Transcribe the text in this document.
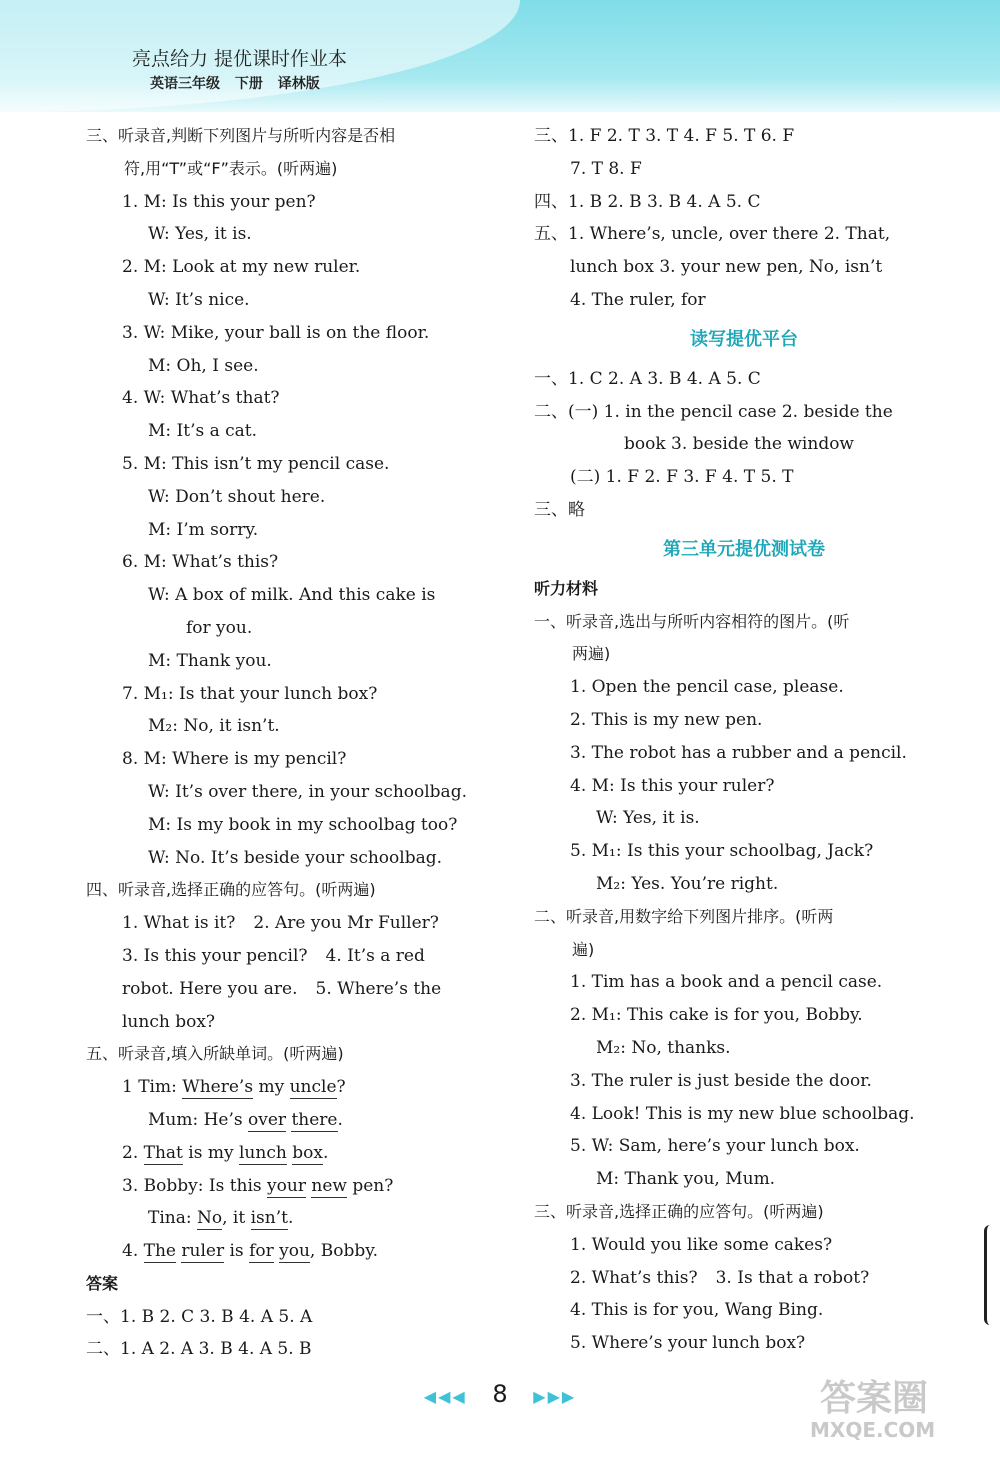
亮点给力 提优课时作业本
英语三年级 下册 译林版
三、听录音,判断下列图片与所听内容是否相
符,用“T”或“F”表示。(听两遍)
1. M: Is this your pen?
W: Yes, it is.
2. M: Look at my new ruler.
W: It’s nice.
3. W: Mike, your ball is on the floor.
M: Oh, I see.
4. W: What’s that?
M: It’s a cat.
5. M: This isn’t my pencil case.
W: Don’t shout here.
M: I’m sorry.
6. M: What’s this?
W: A box of milk. And this cake is
for you.
M: Thank you.
7. M₁: Is that your lunch box?
M₂: No, it isn’t.
8. M: Where is my pencil?
W: It’s over there, in your schoolbag.
M: Is my book in my schoolbag too?
W: No. It’s beside your schoolbag.
四、听录音,选择正确的应答句。(听两遍)
1. What is it? 2. Are you Mr Fuller?
3. Is this your pencil? 4. It’s a red
robot. Here you are. 5. Where’s the
lunch box?
五、听录音,填入所缺单词。(听两遍)
1 Tim: Where’s my uncle?
Mum: He’s over there.
2. That is my lunch box.
3. Bobby: Is this your new pen?
Tina: No, it isn’t.
4. The ruler is for you, Bobby.
答案
一、1. B 2. C 3. B 4. A 5. A
二、1. A 2. A 3. B 4. A 5. B
三、1. F 2. T 3. T 4. F 5. T 6. F
7. T 8. F
四、1. B 2. B 3. B 4. A 5. C
五、1. Where’s, uncle, over there 2. That,
lunch box 3. your new pen, No, isn’t
4. The ruler, for
读写提优平台
一、1. C 2. A 3. B 4. A 5. C
二、(一) 1. in the pencil case 2. beside the
book 3. beside the window
(二) 1. F 2. F 3. F 4. T 5. T
三、略
第三单元提优测试卷
听力材料
一、听录音,选出与所听内容相符的图片。(听
两遍)
1. Open the pencil case, please.
2. This is my new pen.
3. The robot has a rubber and a pencil.
4. M: Is this your ruler?
W: Yes, it is.
5. M₁: Is this your schoolbag, Jack?
M₂: Yes. You’re right.
二、听录音,用数字给下列图片排序。(听两
遍)
1. Tim has a book and a pencil case.
2. M₁: This cake is for you, Bobby.
M₂: No, thanks.
3. The ruler is just beside the door.
4. Look! This is my new blue schoolbag.
5. W: Sam, here’s your lunch box.
M: Thank you, Mum.
三、听录音,选择正确的应答句。(听两遍)
1. Would you like some cakes?
2. What’s this? 3. Is that a robot?
4. This is for you, Wang Bing.
5. Where’s your lunch box?
◀◀◀ 8 ▶▶▶	答案圈
MXQE.COM
